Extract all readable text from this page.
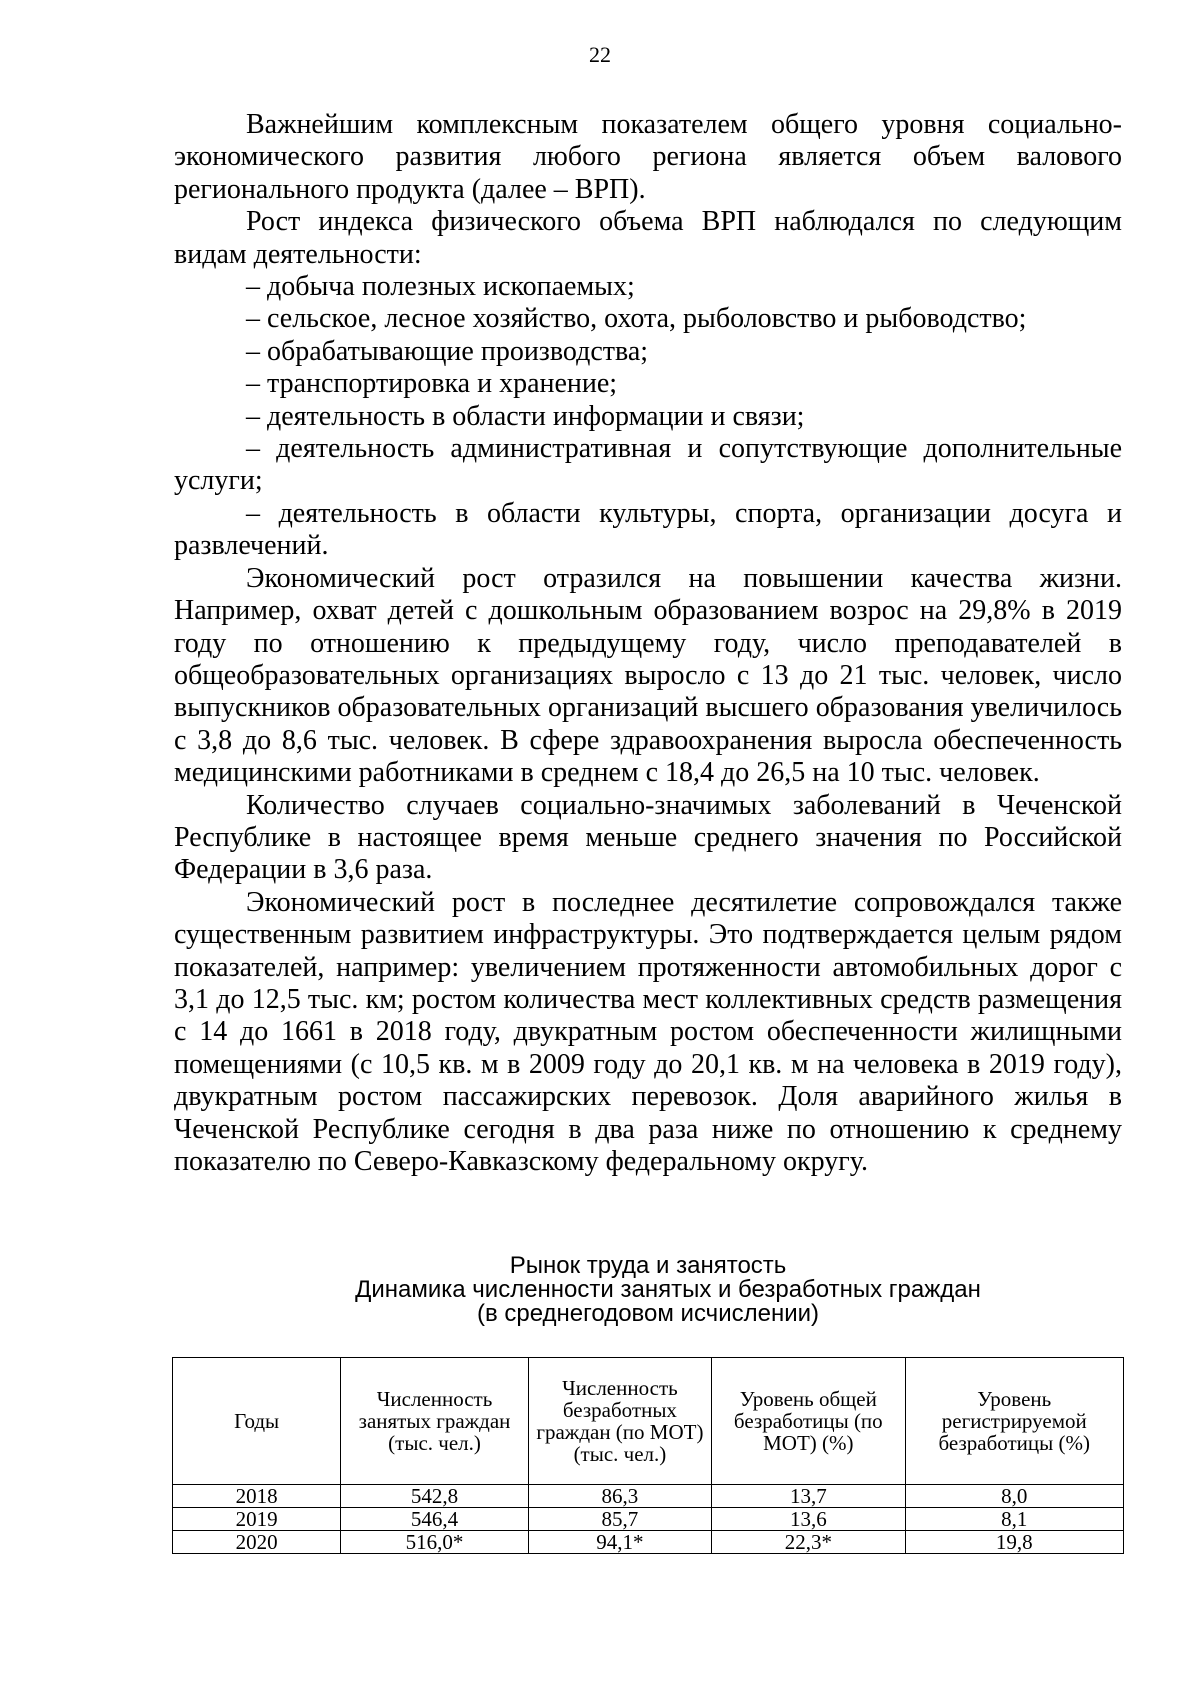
22

Важнейшим комплексным показателем общего уровня социально-экономического развития любого региона является объем валового регионального продукта (далее – ВРП).

Рост индекса физического объема ВРП наблюдался по следующим видам деятельности:

– добыча полезных ископаемых;

– сельское, лесное хозяйство, охота, рыболовство и рыбоводство;

– обрабатывающие производства;

– транспортировка и хранение;

– деятельность в области информации и связи;

– деятельность административная и сопутствующие дополнительные услуги;

– деятельность в области культуры, спорта, организации досуга и развлечений.

Экономический рост отразился на повышении качества жизни. Например, охват детей с дошкольным образованием возрос на 29,8% в 2019 году по отношению к предыдущему году, число преподавателей в общеобразовательных организациях выросло с 13 до 21 тыс. человек, число выпускников образовательных организаций высшего образования увеличилось с 3,8 до 8,6 тыс. человек. В сфере здравоохранения выросла обеспеченность медицинскими работниками в среднем с 18,4 до 26,5 на 10 тыс. человек.

Количество случаев социально-значимых заболеваний в Чеченской Республике в настоящее время меньше среднего значения по Российской Федерации в 3,6 раза.

Экономический рост в последнее десятилетие сопровождался также существенным развитием инфраструктуры. Это подтверждается целым рядом показателей, например: увеличением протяженности автомобильных дорог с 3,1 до 12,5 тыс. км; ростом количества мест коллективных средств размещения с 14 до 1661 в 2018 году, двукратным ростом обеспеченности жилищными помещениями (с 10,5 кв. м в 2009 году до 20,1 кв. м на человека в 2019 году), двукратным ростом пассажирских перевозок. Доля аварийного жилья в Чеченской Республике сегодня в два раза ниже по отношению к среднему показателю по Северо-Кавказскому федеральному округу.

Рынок труда и занятость
Динамика численности занятых и безработных граждан
(в среднегодовом исчислении)
Годы	Численность занятых граждан (тыс. чел.)	Численность безработных граждан (по МОТ) (тыс. чел.)	Уровень общей безработицы (по МОТ) (%)	Уровень регистрируемой безработицы (%)
2018	542,8	86,3	13,7	8,0
2019	546,4	85,7	13,6	8,1
2020	516,0*	94,1*	22,3*	19,8
